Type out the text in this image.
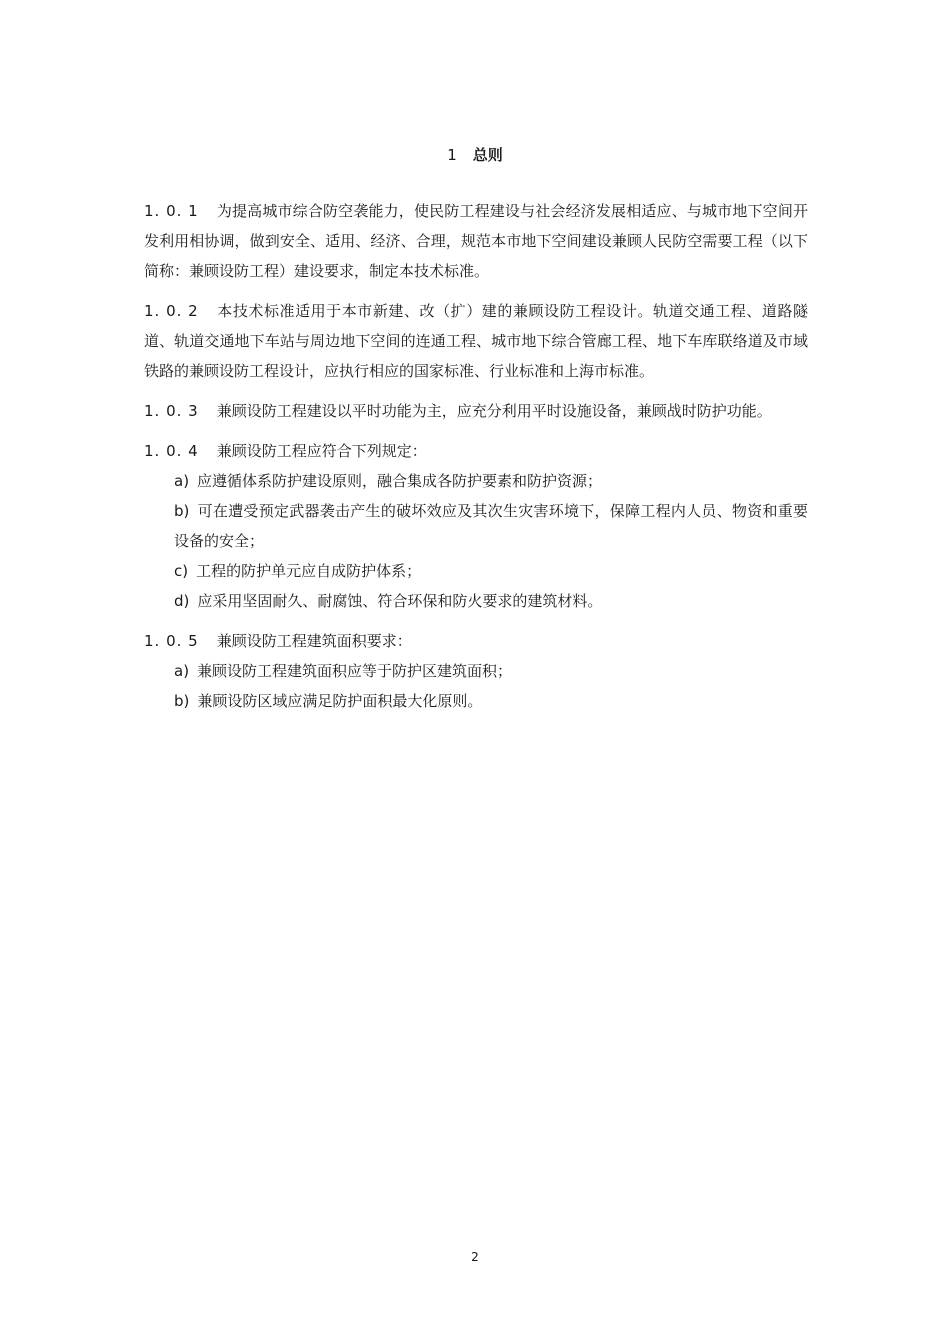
1 总则

1. 0. 1 为提高城市综合防空袭能力，使民防工程建设与社会经济发展相适应、与城市地下空间开发利用相协调，做到安全、适用、经济、合理，规范本市地下空间建设兼顾人民防空需要工程（以下简称：兼顾设防工程）建设要求，制定本技术标准。

1. 0. 2 本技术标准适用于本市新建、改（扩）建的兼顾设防工程设计。轨道交通工程、道路隧道、轨道交通地下车站与周边地下空间的连通工程、城市地下综合管廊工程、地下车库联络道及市域铁路的兼顾设防工程设计，应执行相应的国家标准、行业标准和上海市标准。

1. 0. 3 兼顾设防工程建设以平时功能为主，应充分利用平时设施设备，兼顾战时防护功能。

1. 0. 4 兼顾设防工程应符合下列规定：

a) 应遵循体系防护建设原则，融合集成各防护要素和防护资源；

b) 可在遭受预定武器袭击产生的破坏效应及其次生灾害环境下，保障工程内人员、物资和重要设备的安全；

c) 工程的防护单元应自成防护体系；

d) 应采用坚固耐久、耐腐蚀、符合环保和防火要求的建筑材料。

1. 0. 5 兼顾设防工程建筑面积要求：

a) 兼顾设防工程建筑面积应等于防护区建筑面积；

b) 兼顾设防区域应满足防护面积最大化原则。

2
